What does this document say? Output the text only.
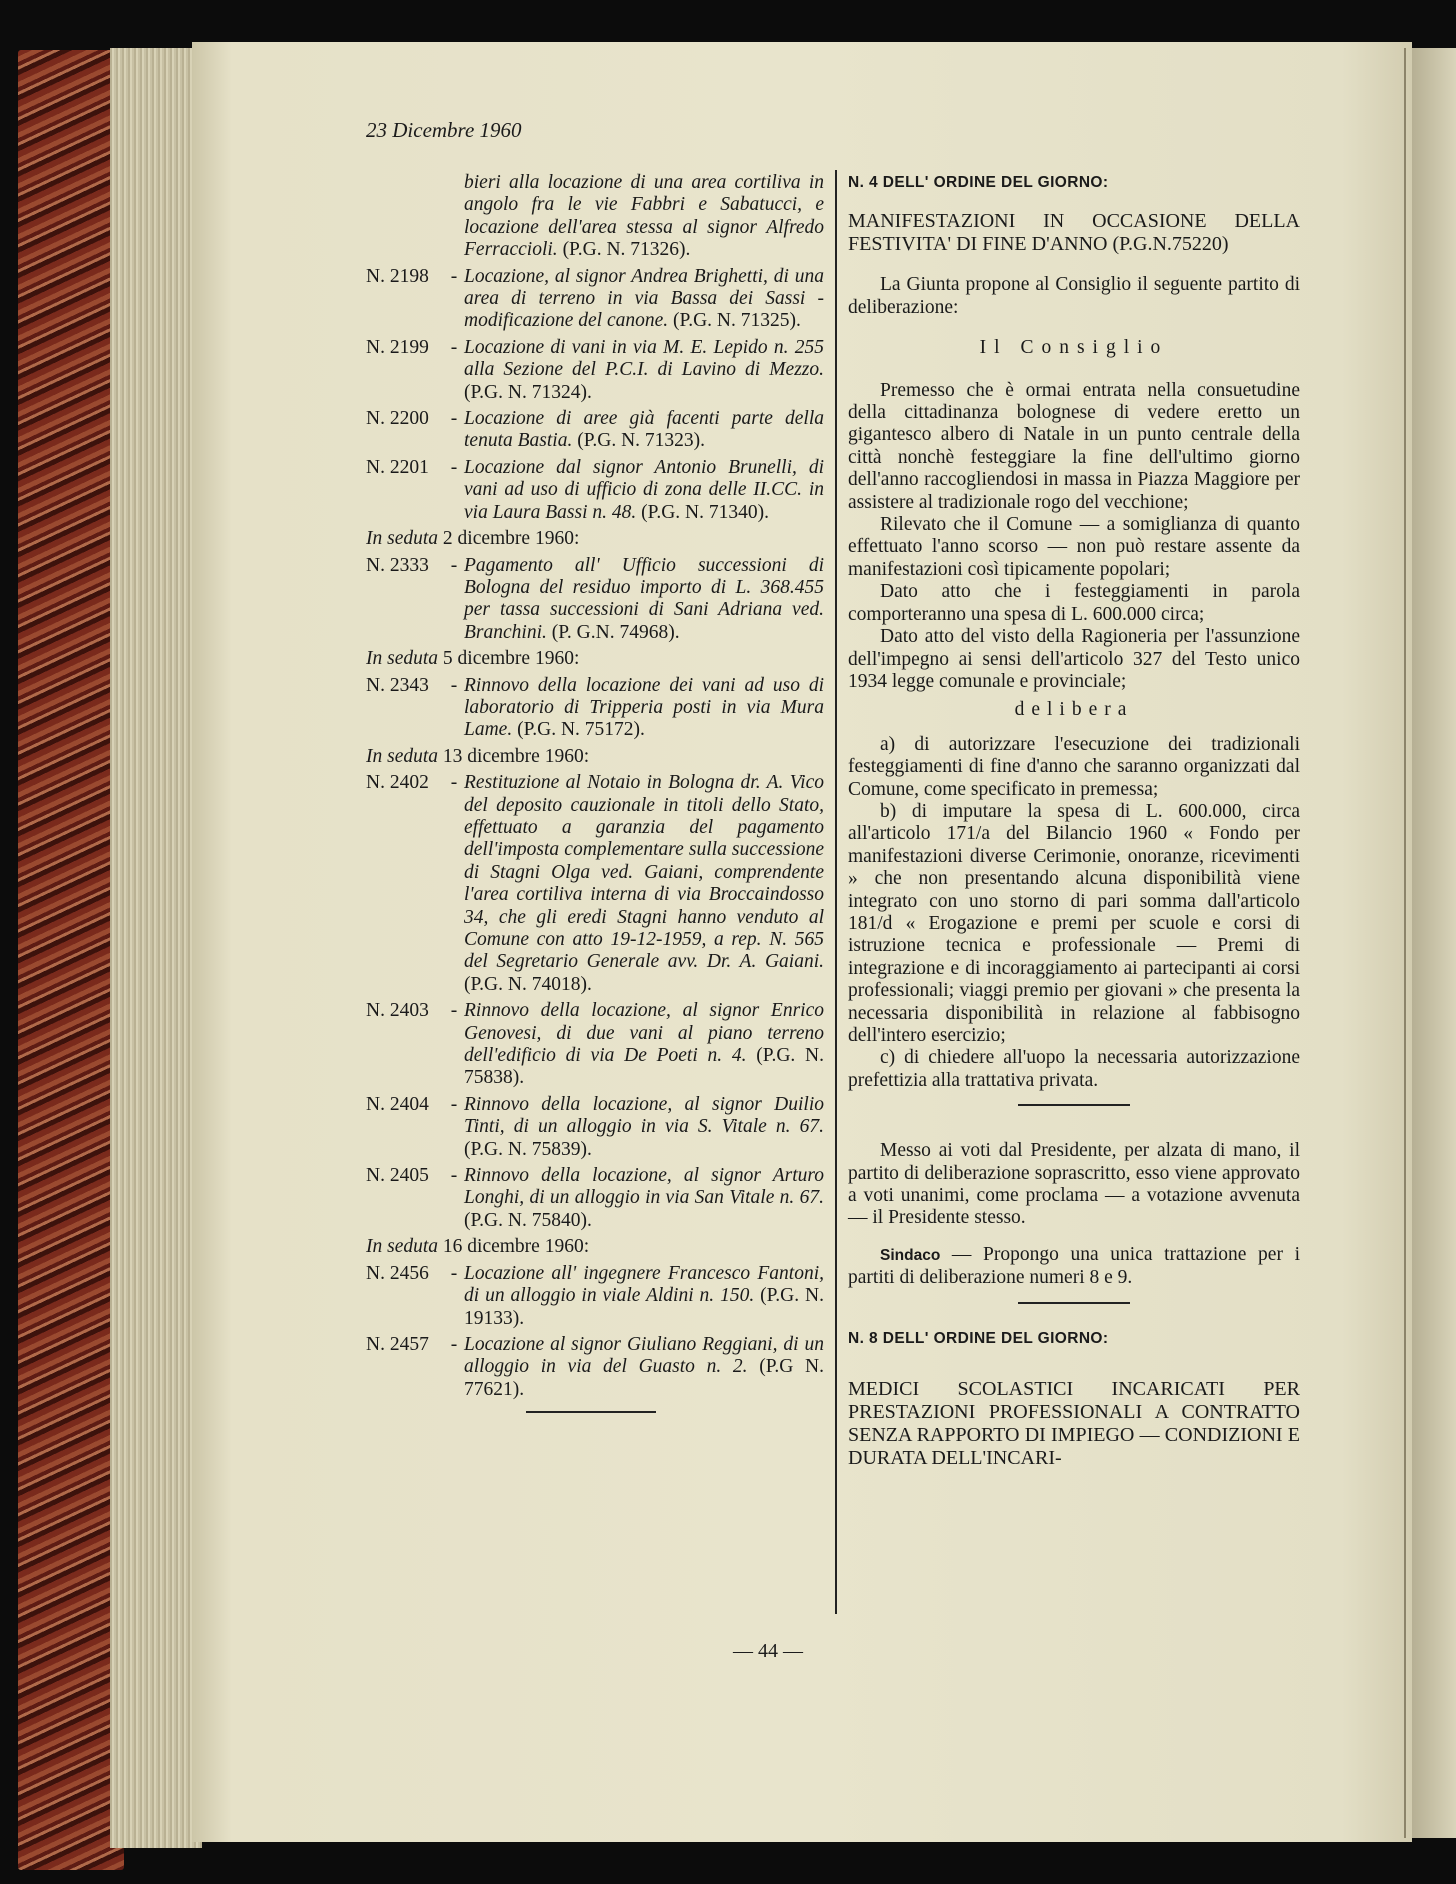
23 Dicembre 1960
bieri alla locazione di una area cortiliva in angolo fra le vie Fabbri e Sabatucci, e locazione dell'area stessa al signor Alfredo Ferraccioli. (P.G. N. 71326).
N. 2198	- Locazione, al signor Andrea Brighetti, di una area di terreno in via Bassa dei Sassi - modificazione del canone. (P.G. N. 71325).
N. 2199	- Locazione di vani in via M. E. Lepido n. 255 alla Sezione del P.C.I. di Lavino di Mezzo. (P.G. N. 71324).
N. 2200	- Locazione di aree già facenti parte della tenuta Bastia. (P.G. N. 71323).
N. 2201	- Locazione dal signor Antonio Brunelli, di vani ad uso di ufficio di zona delle II.CC. in via Laura Bassi n. 48. (P.G. N. 71340).
In seduta 2 dicembre 1960:
N. 2333	- Pagamento all' Ufficio successioni di Bologna del residuo importo di L. 368.455 per tassa successioni di Sani Adriana ved. Branchini. (P. G.N. 74968).
In seduta 5 dicembre 1960:
N. 2343	- Rinnovo della locazione dei vani ad uso di laboratorio di Tripperia posti in via Mura Lame. (P.G. N. 75172).
In seduta 13 dicembre 1960:
N. 2402	- Restituzione al Notaio in Bologna dr. A. Vico del deposito cauzionale in titoli dello Stato, effettuato a garanzia del pagamento dell'imposta complementare sulla successione di Stagni Olga ved. Gaiani, comprendente l'area cortiliva interna di via Broccaindosso 34, che gli eredi Stagni hanno venduto al Comune con atto 19-12-1959, a rep. N. 565 del Segretario Generale avv. Dr. A. Gaiani. (P.G. N. 74018).
N. 2403	- Rinnovo della locazione, al signor Enrico Genovesi, di due vani al piano terreno dell'edificio di via De Poeti n. 4. (P.G. N. 75838).
N. 2404	- Rinnovo della locazione, al signor Duilio Tinti, di un alloggio in via S. Vitale n. 67. (P.G. N. 75839).
N. 2405	- Rinnovo della locazione, al signor Arturo Longhi, di un alloggio in via San Vitale n. 67. (P.G. N. 75840).
In seduta 16 dicembre 1960:
N. 2456	- Locazione all' ingegnere Francesco Fantoni, di un alloggio in viale Aldini n. 150. (P.G. N. 19133).
N. 2457	- Locazione al signor Giuliano Reggiani, di un alloggio in via del Guasto n. 2. (P.G N. 77621).
N. 4 DELL' ORDINE DEL GIORNO:
MANIFESTAZIONI IN OCCASIONE DELLA FESTIVITA' DI FINE D'ANNO (P.G.N.75220)

La Giunta propone al Consiglio il seguente partito di deliberazione:

Il Consiglio

Premesso che è ormai entrata nella consuetudine della cittadinanza bolognese di vedere eretto un gigantesco albero di Natale in un punto centrale della città nonchè festeggiare la fine dell'ultimo giorno dell'anno raccogliendosi in massa in Piazza Maggiore per assistere al tradizionale rogo del vecchione;

Rilevato che il Comune — a somiglianza di quanto effettuato l'anno scorso — non può restare assente da manifestazioni così tipicamente popolari;

Dato atto che i festeggiamenti in parola comporteranno una spesa di L. 600.000 circa;

Dato atto del visto della Ragioneria per l'assunzione dell'impegno ai sensi dell'articolo 327 del Testo unico 1934 legge comunale e provinciale;

delibera

a) di autorizzare l'esecuzione dei tradizionali festeggiamenti di fine d'anno che saranno organizzati dal Comune, come specificato in premessa;

b) di imputare la spesa di L. 600.000, circa all'articolo 171/a del Bilancio 1960 « Fondo per manifestazioni diverse Cerimonie, onoranze, ricevimenti » che non presentando alcuna disponibilità viene integrato con uno storno di pari somma dall'articolo 181/d « Erogazione e premi per scuole e corsi di istruzione tecnica e professionale — Premi di integrazione e di incoraggiamento ai partecipanti ai corsi professionali; viaggi premio per giovani » che presenta la necessaria disponibilità in relazione al fabbisogno dell'intero esercizio;

c) di chiedere all'uopo la necessaria autorizzazione prefettizia alla trattativa privata.

Messo ai voti dal Presidente, per alzata di mano, il partito di deliberazione soprascritto, esso viene approvato a voti unanimi, come proclama — a votazione avvenuta — il Presidente stesso.

Sindaco — Propongo una unica trattazione per i partiti di deliberazione numeri 8 e 9.

N. 8 DELL' ORDINE DEL GIORNO:
MEDICI SCOLASTICI INCARICATI PER PRESTAZIONI PROFESSIONALI A CONTRATTO SENZA RAPPORTO DI IMPIEGO — CONDIZIONI E DURATA DELL'INCARI-
— 44 —
